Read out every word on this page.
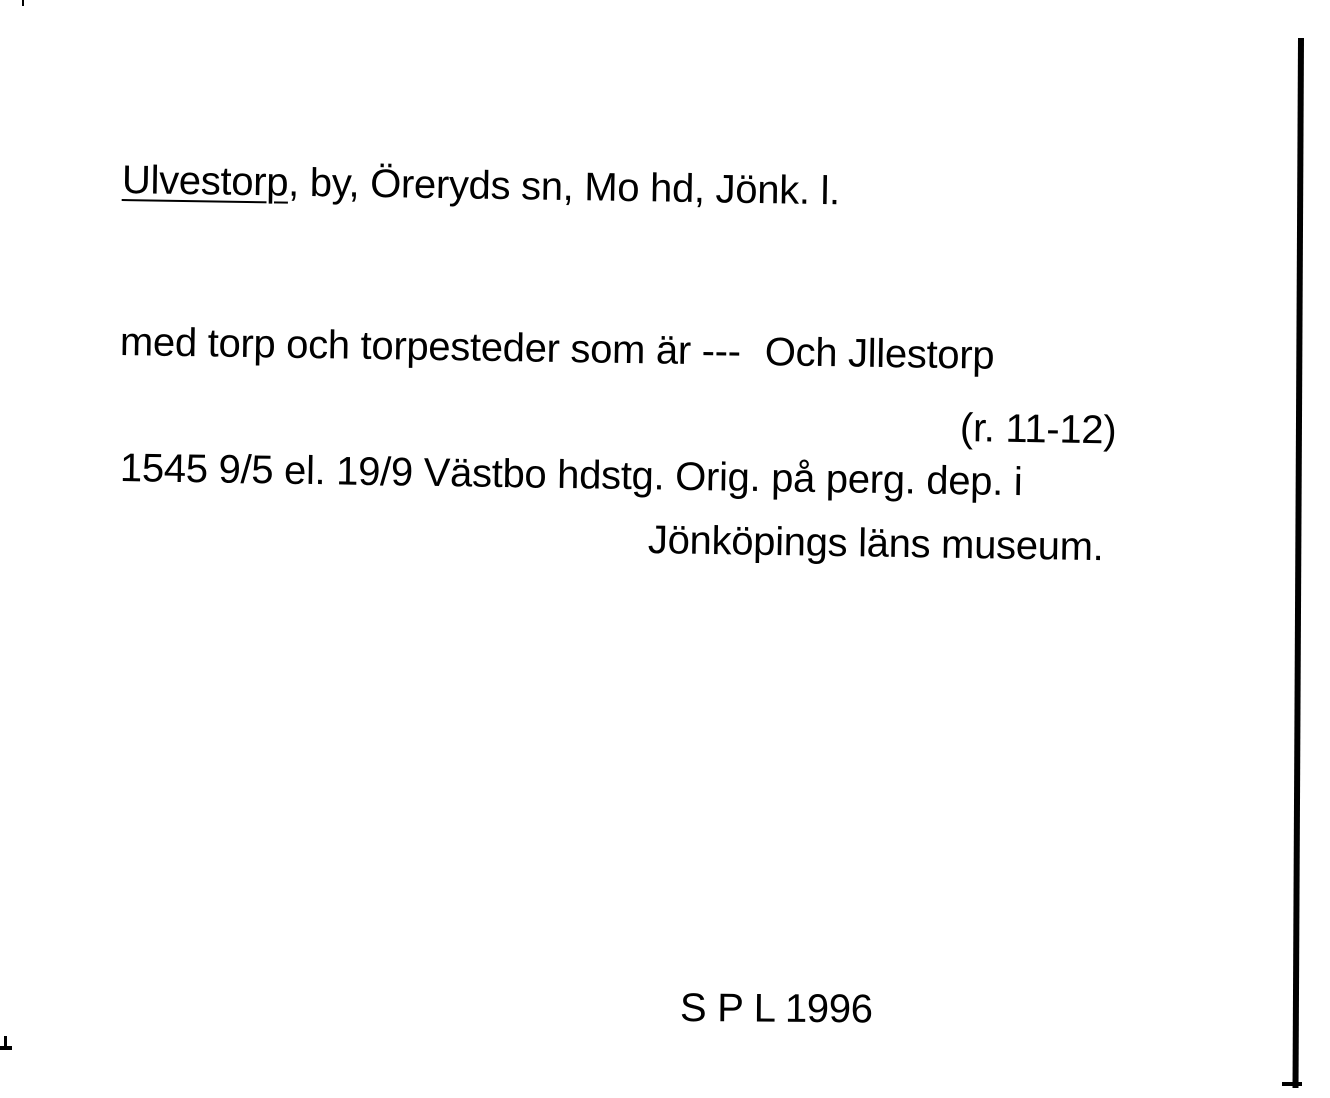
Ulvestorp, by, Öreryds sn, Mo hd, Jönk. l.
med torp och torpesteder som är --- Och Jllestorp
(r. 11-12)
1545 9/5 el. 19/9 Västbo hdstg. Orig. på perg. dep. i
Jönköpings läns museum.
S P L 1996
